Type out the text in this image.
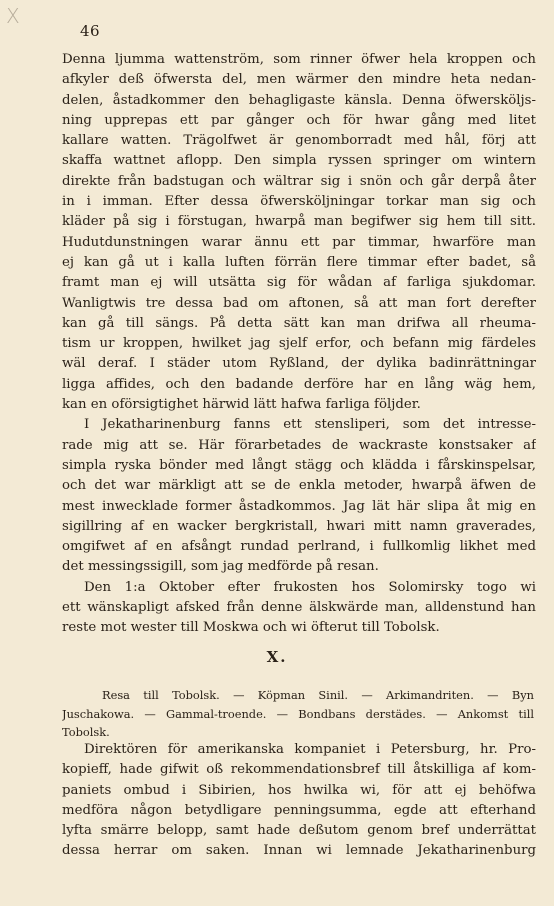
X
46
Denna ljumma wattenström, som rinner öfwer hela kroppen och
afkyler deß öfwersta del, men wärmer den mindre heta nedan-
delen, åstadkommer den behagligaste känsla. Denna öfwersköljs-
ning upprepas ett par gånger och för hwar gång med litet
kallare watten. Trägolfwet är genomborradt med hål, förj att
skaffa wattnet aflopp. Den simpla ryssen springer om wintern
direkte från badstugan och wältrar sig i snön och går derpå åter
in i imman. Efter dessa öfwersköljningar torkar man sig och
kläder på sig i förstugan, hwarpå man begifwer sig hem till sitt.
Hudutdunstningen warar ännu ett par timmar, hwarföre man
ej kan gå ut i kalla luften förrän flere timmar efter badet, så
framt man ej will utsätta sig för wådan af farliga sjukdomar.
Wanligtwis tre dessa bad om aftonen, så att man fort derefter
kan gå till sängs. På detta sätt kan man drifwa all rheuma-
tism ur kroppen, hwilket jag sjelf erfor, och befann mig färdeles
wäl deraf. I städer utom Ryßland, der dylika badinrättningar
ligga affides, och den badande derföre har en lång wäg hem,
kan en oförsigtighet härwid lätt hafwa farliga följder.
I Jekatharinenburg fanns ett stensliperi, som det intresse-
rade mig att se. Här förarbetades de wackraste konstsaker af
simpla ryska bönder med långt stägg och klädda i fårskinspelsar,
och det war märkligt att se de enkla metoder, hwarpå äfwen de
mest inwecklade former åstadkommos. Jag lät här slipa åt mig en
sigillring af en wacker bergkristall, hwari mitt namn graverades,
omgifwet af en afsångt rundad perlrand, i fullkomlig likhet med
det messingssigill, som jag medförde på resan.
Den 1:a Oktober efter frukosten hos Solomirsky togo wi
ett wänskapligt afsked från denne älskwärde man, alldenstund han
reste mot wester till Moskwa och wi öfterut till Tobolsk.
X.
Resa till Tobolsk. — Köpman Sinil. — Arkimandriten. — Byn
Juschakowa. — Gammal-troende. — Bondbans derstädes. — Ankomst till
Tobolsk.
Direktören för amerikanska kompaniet i Petersburg, hr. Pro-
kopieff, hade gifwit oß rekommendationsbref till åtskilliga af kom-
paniets ombud i Sibirien, hos hwilka wi, för att ej behöfwa
medföra någon betydligare penningsumma, egde att efterhand
lyfta smärre belopp, samt hade deßutom genom bref underrättat
dessa herrar om saken. Innan wi lemnade Jekatharinenburg
